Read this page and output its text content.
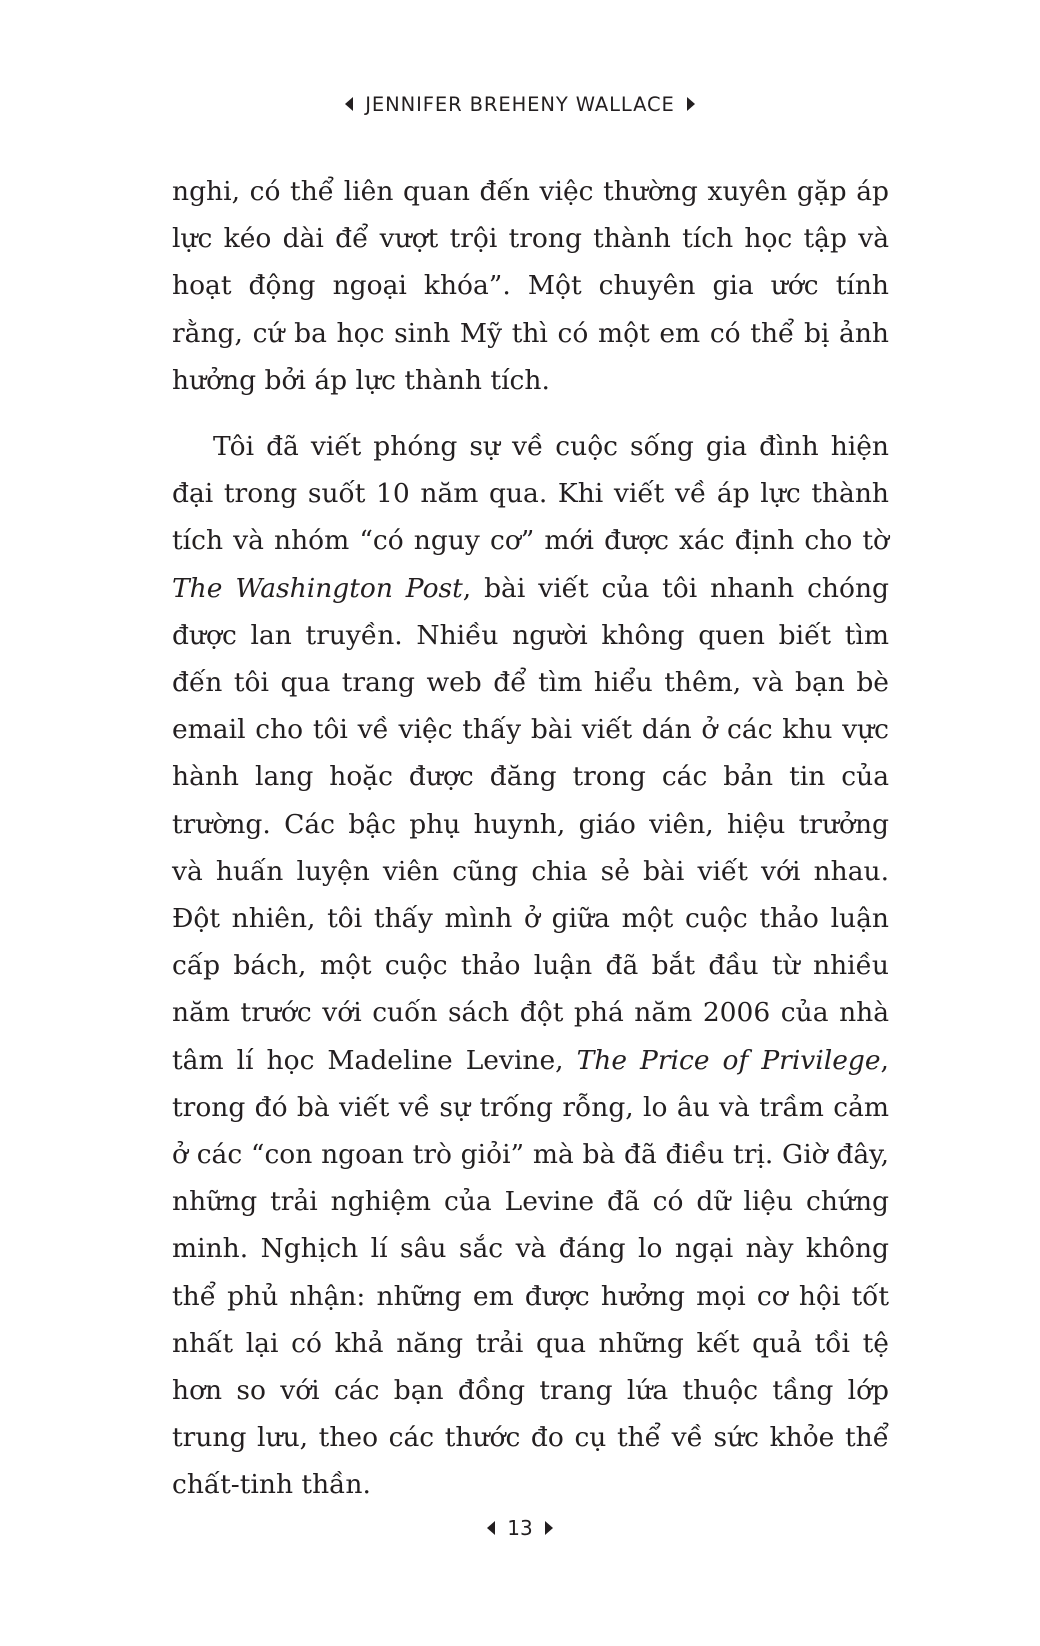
JENNIFER BREHENY WALLACE

nghi, có thể liên quan đến việc thường xuyên gặp áp lực kéo dài để vượt trội trong thành tích học tập và hoạt động ngoại khóa”. Một chuyên gia ước tính rằng, cứ ba học sinh Mỹ thì có một em có thể bị ảnh hưởng bởi áp lực thành tích.

Tôi đã viết phóng sự về cuộc sống gia đình hiện đại trong suốt 10 năm qua. Khi viết về áp lực thành tích và nhóm “có nguy cơ” mới được xác định cho tờ The Washington Post, bài viết của tôi nhanh chóng được lan truyền. Nhiều người không quen biết tìm đến tôi qua trang web để tìm hiểu thêm, và bạn bè email cho tôi về việc thấy bài viết dán ở các khu vực hành lang hoặc được đăng trong các bản tin của trường. Các bậc phụ huynh, giáo viên, hiệu trưởng và huấn luyện viên cũng chia sẻ bài viết với nhau. Đột nhiên, tôi thấy mình ở giữa một cuộc thảo luận cấp bách, một cuộc thảo luận đã bắt đầu từ nhiều năm trước với cuốn sách đột phá năm 2006 của nhà tâm lí học Madeline Levine, The Price of Privilege, trong đó bà viết về sự trống rỗng, lo âu và trầm cảm ở các “con ngoan trò giỏi” mà bà đã điều trị. Giờ đây, những trải nghiệm của Levine đã có dữ liệu chứng minh. Nghịch lí sâu sắc và đáng lo ngại này không thể phủ nhận: những em được hưởng mọi cơ hội tốt nhất lại có khả năng trải qua những kết quả tồi tệ hơn so với các bạn đồng trang lứa thuộc tầng lớp trung lưu, theo các thước đo cụ thể về sức khỏe thể chất-tinh thần.

13
